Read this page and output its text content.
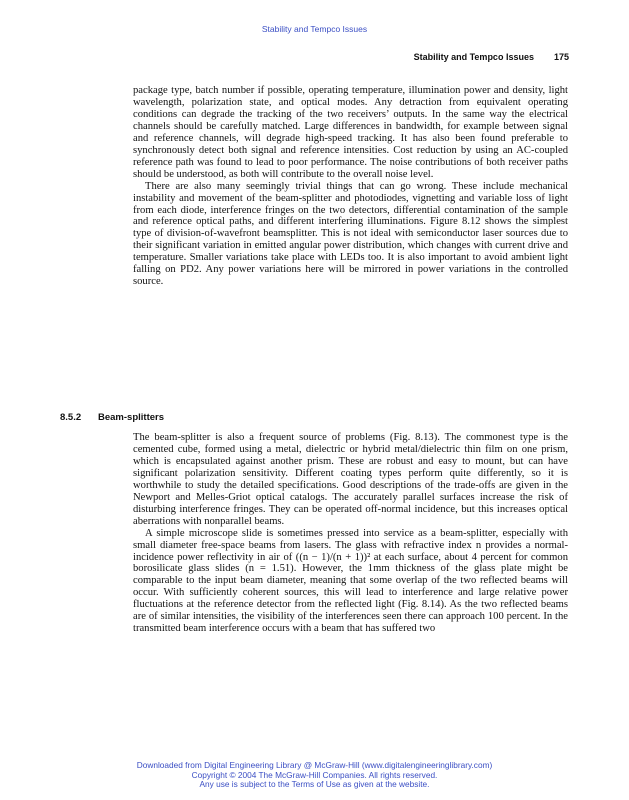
Stability and Tempco Issues
Stability and Tempco Issues 175

package type, batch number if possible, operating temperature, illumination power and density, light wavelength, polarization state, and optical modes. Any detraction from equivalent operating conditions can degrade the tracking of the two receivers’ outputs. In the same way the electrical channels should be carefully matched. Large differences in bandwidth, for example between signal and reference channels, will degrade high-speed tracking. It has also been found preferable to synchronously detect both signal and reference intensities. Cost reduction by using an AC-coupled reference path was found to lead to poor performance. The noise contributions of both receiver paths should be understood, as both will contribute to the overall noise level.

There are also many seemingly trivial things that can go wrong. These include mechanical instability and movement of the beam-splitter and photodiodes, vignetting and variable loss of light from each diode, interference fringes on the two detectors, differential contamination of the sample and reference optical paths, and different interfering illuminations. Figure 8.12 shows the simplest type of division-of-wavefront beamsplitter. This is not ideal with semiconductor laser sources due to their significant variation in emitted angular power distribution, which changes with current drive and temperature. Smaller variations take place with LEDs too. It is also important to avoid ambient light falling on PD2. Any power variations here will be mirrored in power variations in the controlled source.

8.5.2 Beam-splitters

The beam-splitter is also a frequent source of problems (Fig. 8.13). The commonest type is the cemented cube, formed using a metal, dielectric or hybrid metal/dielectric thin film on one prism, which is encapsulated against another prism. These are robust and easy to mount, but can have significant polarization sensitivity. Different coating types perform quite differently, so it is worthwhile to study the detailed specifications. Good descriptions of the trade-offs are given in the Newport and Melles-Griot optical catalogs. The accurately parallel surfaces increase the risk of disturbing interference fringes. They can be operated off-normal incidence, but this increases optical aberrations with nonparallel beams.

A simple microscope slide is sometimes pressed into service as a beam-splitter, especially with small diameter free-space beams from lasers. The glass with refractive index n provides a normal-incidence power reflectivity in air of ((n − 1)/(n + 1))² at each surface, about 4 percent for common borosilicate glass slides (n = 1.51). However, the 1mm thickness of the glass plate might be comparable to the input beam diameter, meaning that some overlap of the two reflected beams will occur. With sufficiently coherent sources, this will lead to interference and large relative power fluctuations at the reference detector from the reflected light (Fig. 8.14). As the two reflected beams are of similar intensities, the visibility of the interferences seen there can approach 100 percent. In the transmitted beam interference occurs with a beam that has suffered two

Downloaded from Digital Engineering Library @ McGraw-Hill (www.digitalengineeringlibrary.com)
Copyright © 2004 The McGraw-Hill Companies. All rights reserved.
Any use is subject to the Terms of Use as given at the website.
